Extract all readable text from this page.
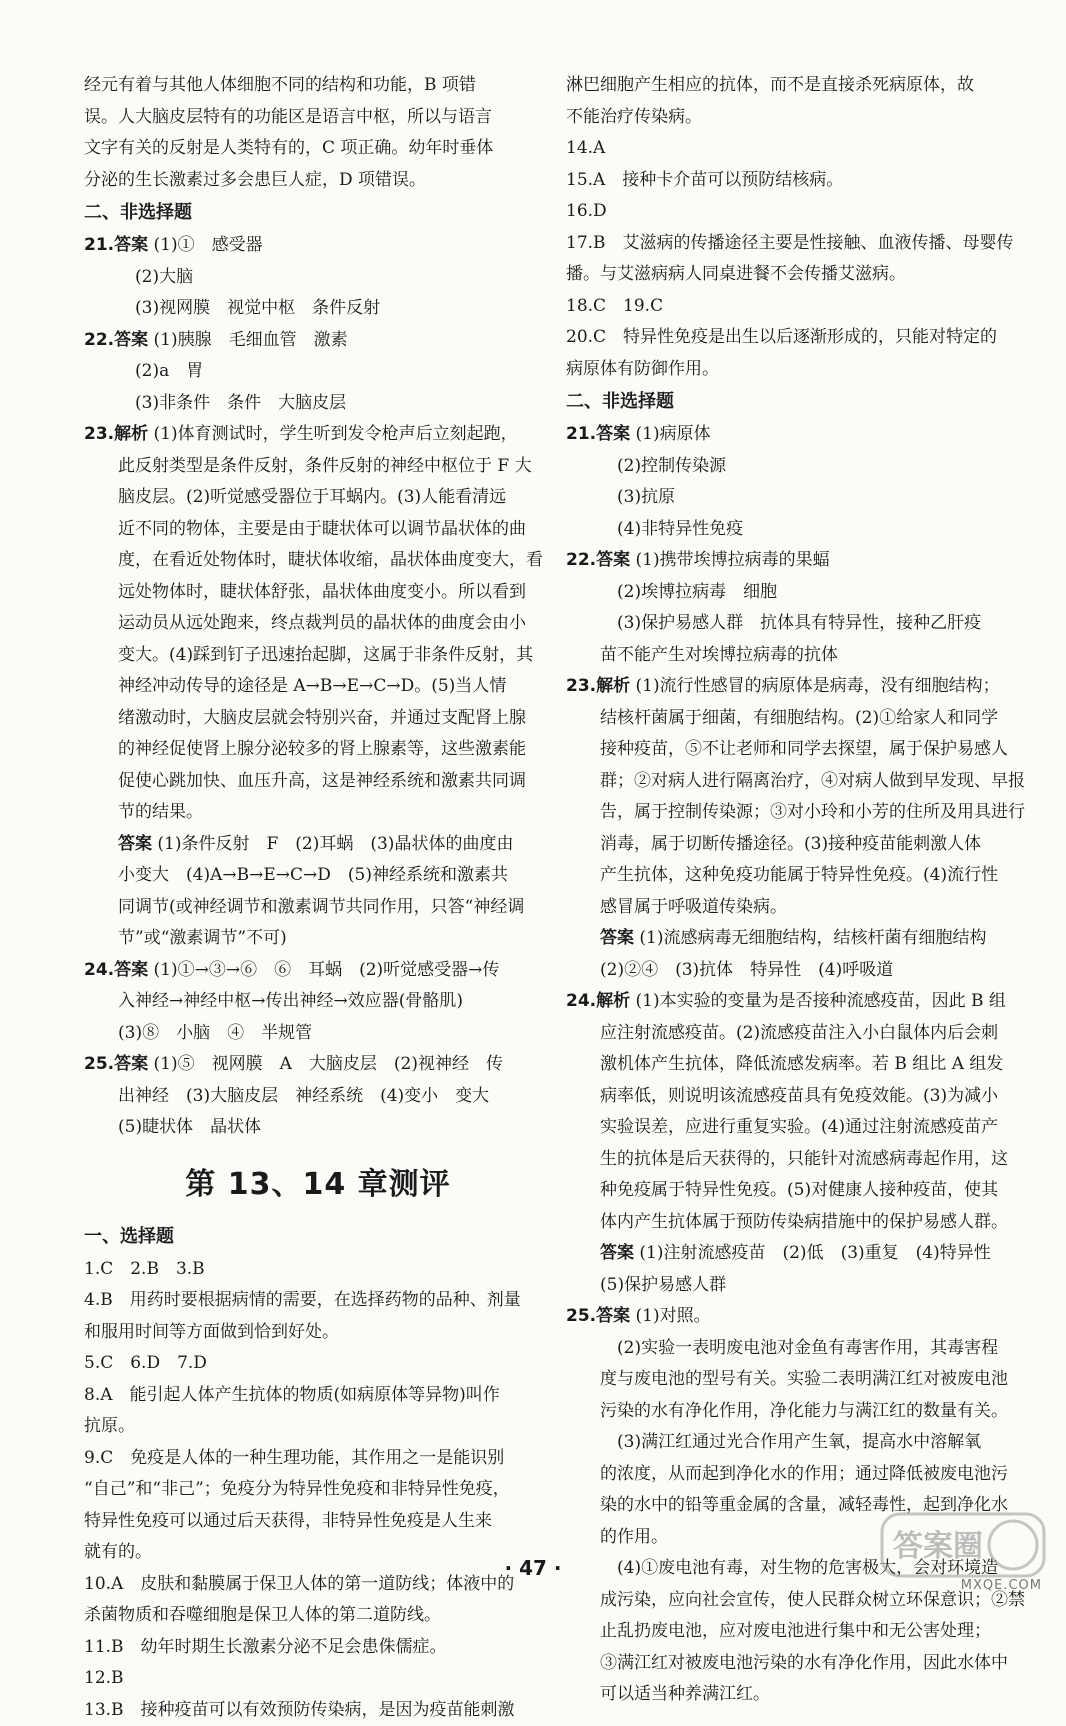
经元有着与其他人体细胞不同的结构和功能，B 项错

误。人大脑皮层特有的功能区是语言中枢，所以与语言

文字有关的反射是人类特有的，C 项正确。幼年时垂体

分泌的生长激素过多会患巨人症，D 项错误。

二、非选择题

21.答案 (1)①　感受器

(2)大脑

(3)视网膜　视觉中枢　条件反射

22.答案 (1)胰腺　毛细血管　激素

(2)a　胃

(3)非条件　条件　大脑皮层

23.解析 (1)体育测试时，学生听到发令枪声后立刻起跑，

此反射类型是条件反射，条件反射的神经中枢位于 F 大

脑皮层。(2)听觉感受器位于耳蜗内。(3)人能看清远

近不同的物体，主要是由于睫状体可以调节晶状体的曲

度，在看近处物体时，睫状体收缩，晶状体曲度变大，看

远处物体时，睫状体舒张，晶状体曲度变小。所以看到

运动员从远处跑来，终点裁判员的晶状体的曲度会由小

变大。(4)踩到钉子迅速抬起脚，这属于非条件反射，其

神经冲动传导的途径是 A→B→E→C→D。(5)当人情

绪激动时，大脑皮层就会特别兴奋，并通过支配肾上腺

的神经促使肾上腺分泌较多的肾上腺素等，这些激素能

促使心跳加快、血压升高，这是神经系统和激素共同调

节的结果。

答案 (1)条件反射　F　(2)耳蜗　(3)晶状体的曲度由

小变大　(4)A→B→E→C→D　(5)神经系统和激素共

同调节(或神经调节和激素调节共同作用，只答“神经调

节”或“激素调节”不可)

24.答案 (1)①→③→⑥　⑥　耳蜗　(2)听觉感受器→传

入神经→神经中枢→传出神经→效应器(骨骼肌)

(3)⑧　小脑　④　半规管

25.答案 (1)⑤　视网膜　A　大脑皮层　(2)视神经　传

出神经　(3)大脑皮层　神经系统　(4)变小　变大

(5)睫状体　晶状体

第 13、14 章测评

一、选择题

1.C　2.B　3.B

4.B　用药时要根据病情的需要，在选择药物的品种、剂量

和服用时间等方面做到恰到好处。

5.C　6.D　7.D

8.A　能引起人体产生抗体的物质(如病原体等异物)叫作

抗原。

9.C　免疫是人体的一种生理功能，其作用之一是能识别

“自己”和“非己”；免疫分为特异性免疫和非特异性免疫，

特异性免疫可以通过后天获得，非特异性免疫是人生来

就有的。

10.A　皮肤和黏膜属于保卫人体的第一道防线；体液中的

杀菌物质和吞噬细胞是保卫人体的第二道防线。

11.B　幼年时期生长激素分泌不足会患侏儒症。

12.B

13.B　接种疫苗可以有效预防传染病，是因为疫苗能刺激

淋巴细胞产生相应的抗体，而不是直接杀死病原体，故

不能治疗传染病。

14.A

15.A　接种卡介苗可以预防结核病。

16.D

17.B　艾滋病的传播途径主要是性接触、血液传播、母婴传

播。与艾滋病病人同桌进餐不会传播艾滋病。

18.C　19.C

20.C　特异性免疫是出生以后逐渐形成的，只能对特定的

病原体有防御作用。

二、非选择题

21.答案 (1)病原体

(2)控制传染源

(3)抗原

(4)非特异性免疫

22.答案 (1)携带埃博拉病毒的果蝠

(2)埃博拉病毒　细胞

(3)保护易感人群　抗体具有特异性，接种乙肝疫

苗不能产生对埃博拉病毒的抗体

23.解析 (1)流行性感冒的病原体是病毒，没有细胞结构；

结核杆菌属于细菌，有细胞结构。(2)①给家人和同学

接种疫苗，⑤不让老师和同学去探望，属于保护易感人

群；②对病人进行隔离治疗，④对病人做到早发现、早报

告，属于控制传染源；③对小玲和小芳的住所及用具进行

消毒，属于切断传播途径。(3)接种疫苗能刺激人体

产生抗体，这种免疫功能属于特异性免疫。(4)流行性

感冒属于呼吸道传染病。

答案 (1)流感病毒无细胞结构，结核杆菌有细胞结构

(2)②④　(3)抗体　特异性　(4)呼吸道

24.解析 (1)本实验的变量为是否接种流感疫苗，因此 B 组

应注射流感疫苗。(2)流感疫苗注入小白鼠体内后会刺

激机体产生抗体，降低流感发病率。若 B 组比 A 组发

病率低，则说明该流感疫苗具有免疫效能。(3)为减小

实验误差，应进行重复实验。(4)通过注射流感疫苗产

生的抗体是后天获得的，只能针对流感病毒起作用，这

种免疫属于特异性免疫。(5)对健康人接种疫苗，使其

体内产生抗体属于预防传染病措施中的保护易感人群。

答案 (1)注射流感疫苗　(2)低　(3)重复　(4)特异性

(5)保护易感人群

25.答案 (1)对照。

(2)实验一表明废电池对金鱼有毒害作用，其毒害程

度与废电池的型号有关。实验二表明满江红对被废电池

污染的水有净化作用，净化能力与满江红的数量有关。

(3)满江红通过光合作用产生氧，提高水中溶解氧

的浓度，从而起到净化水的作用；通过降低被废电池污

染的水中的铅等重金属的含量，减轻毒性，起到净化水

的作用。

(4)①废电池有毒，对生物的危害极大，会对环境造

成污染，应向社会宣传，使人民群众树立环保意识；②禁

止乱扔废电池，应对废电池进行集中和无公害处理；

③满江红对被废电池污染的水有净化作用，因此水体中

可以适当种养满江红。

· 47 ·
答案圈
MXQE.COM
